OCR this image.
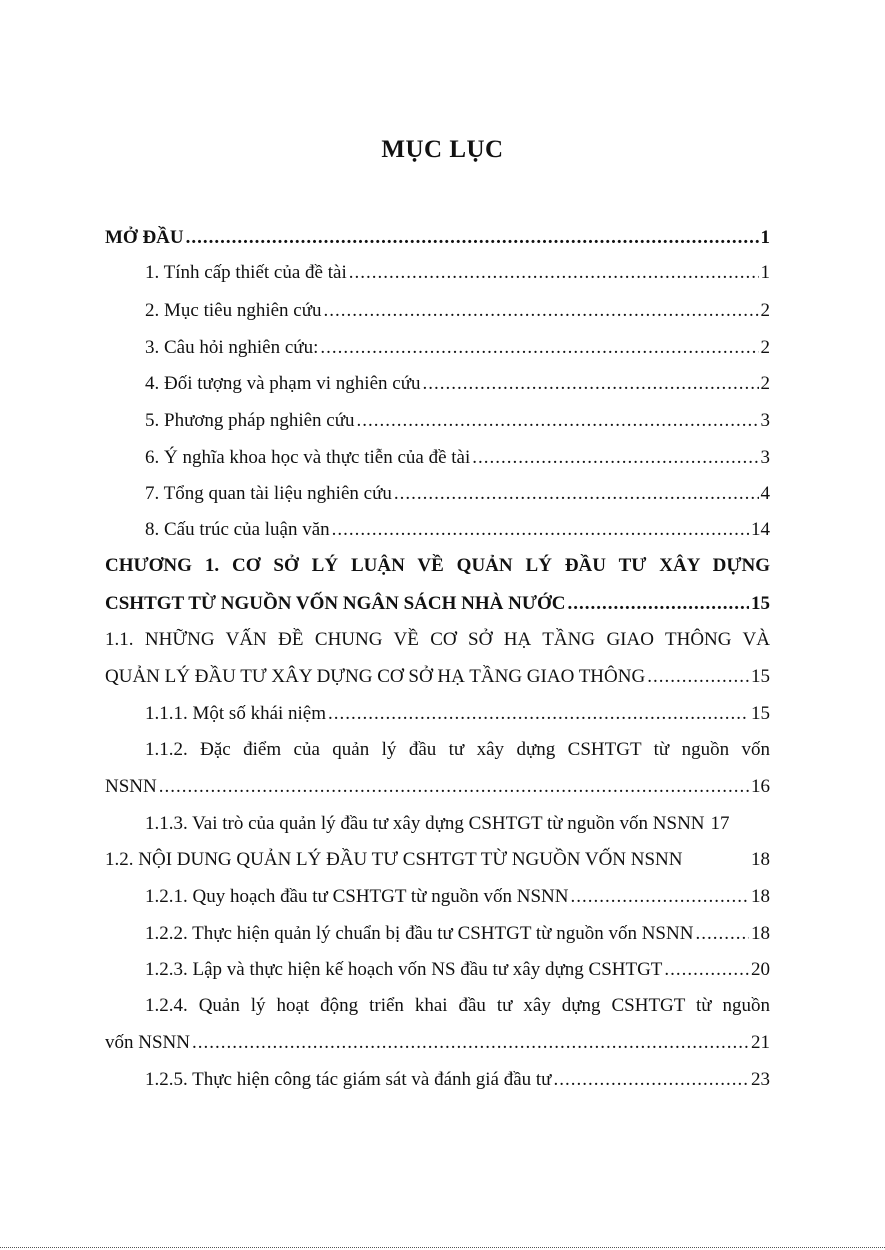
MỤC LỤC
MỞ ĐẦU .....	1
1. Tính cấp thiết của đề tài .....	1
2. Mục tiêu nghiên cứu .....	2
3. Câu hỏi nghiên cứu: .....	2
4. Đối tượng và phạm vi nghiên cứu .....	2
5. Phương pháp nghiên cứu .....	3
6. Ý nghĩa khoa học và thực tiễn của đề tài .....	3
7. Tổng quan tài liệu nghiên cứu .....	4
8. Cấu trúc của luận văn .....	14
CHƯƠNG 1. CƠ SỞ LÝ LUẬN VỀ QUẢN LÝ ĐẦU TƯ XÂY DỰNG
CSHTGT TỪ NGUỒN VỐN NGÂN SÁCH NHÀ NƯỚC .....	15
1.1. NHỮNG VẤN ĐỀ CHUNG VỀ CƠ SỞ HẠ TẦNG GIAO THÔNG VÀ
QUẢN LÝ ĐẦU TƯ XÂY DỰNG CƠ SỞ HẠ TẦNG GIAO THÔNG .....	15
1.1.1. Một số khái niệm .....	15
1.1.2. Đặc điểm của quản lý đầu tư xây dựng CSHTGT từ nguồn vốn
NSNN .....	16
1.1.3. Vai trò của quản lý đầu tư xây dựng CSHTGT từ nguồn vốn NSNN 17
1.2. NỘI DUNG QUẢN LÝ ĐẦU TƯ CSHTGT TỪ NGUỒN VỐN NSNN	18
1.2.1. Quy hoạch đầu tư CSHTGT từ nguồn vốn NSNN .....	18
1.2.2. Thực hiện quản lý chuẩn bị đầu tư CSHTGT từ nguồn vốn NSNN .....	18
1.2.3. Lập và thực hiện kế hoạch vốn NS đầu tư xây dựng CSHTGT .....	20
1.2.4. Quản lý hoạt động triển khai đầu tư xây dựng CSHTGT từ nguồn
vốn NSNN .....	21
1.2.5. Thực hiện công tác giám sát và đánh giá đầu tư .....	23
